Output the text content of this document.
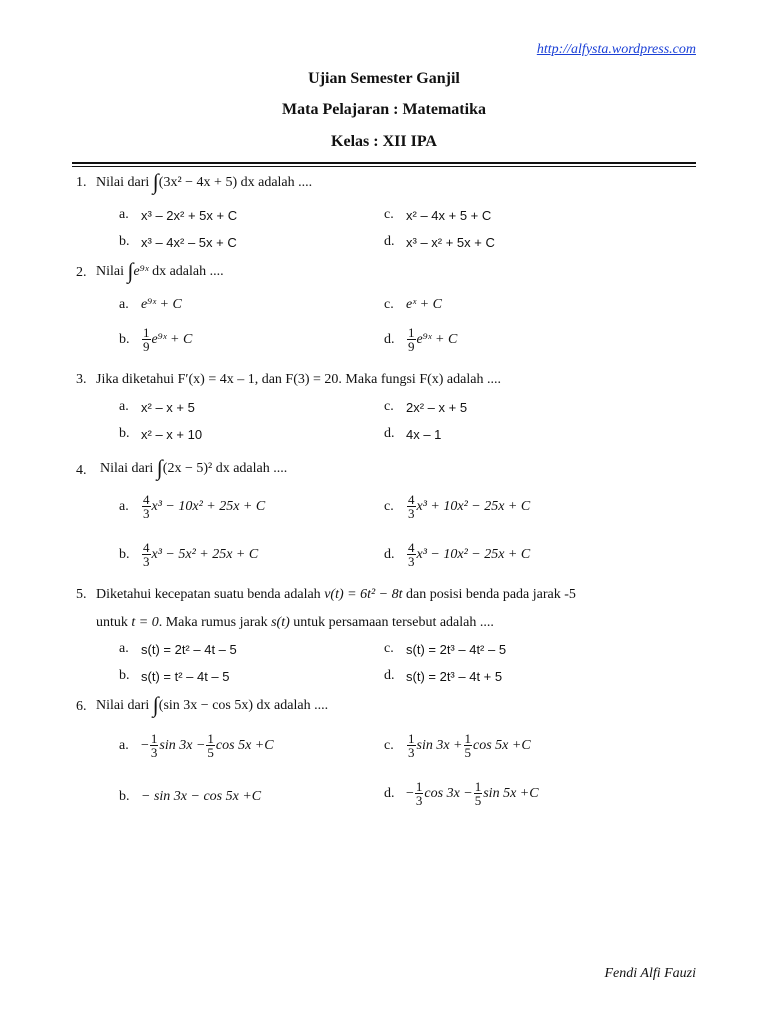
http://alfysta.wordpress.com
Ujian Semester Ganjil
Mata Pelajaran : Matematika
Kelas : XII IPA
1. Nilai dari ∫(3x² − 4x + 5) dx adalah ....
a. x³ – 2x² + 5x + C	c. x² – 4x + 5 + C
b. x³ – 4x² – 5x + C	d. x³ – x² + 5x + C
2. Nilai ∫e⁹ˣ dx adalah ....
a. e⁹ˣ + C	c. eˣ + C
b. $\frac{1}{9}$ e⁹ˣ + C	d. $\frac{1}{9}$ e⁹ˣ + C
3. Jika diketahui F′(x) = 4x – 1, dan F(3) = 20. Maka fungsi F(x) adalah ....
a. x² – x + 5	c. 2x² – x + 5
b. x² – x + 10	d. 4x – 1
4. Nilai dari ∫(2x − 5)² dx adalah ....
a.	$\frac{4}{3} x^3 - 10x^2 + 25x + C$	c.	$\frac{4}{3} x^3 + 10x^2 - 25x + C$
b. $\frac{4}{3} x^3 - 5x^2 + 25x + C$	d. $\frac{4}{3} x^3 - 10x^2 - 25x + C$
5. Diketahui kecepatan suatu benda adalah v(t) = 6t² − 8t dan posisi benda pada jarak -5
untuk t = 0. Maka rumus jarak s(t) untuk persamaan tersebut adalah ....
a. s(t) = 2t² – 4t – 5	c. s(t) = 2t³ – 4t² – 5
b. s(t) = t² – 4t – 5	d. s(t) = 2t³ – 4t + 5
6. Nilai dari ∫(sin 3x − cos 5x) dx adalah ....
a. − $\frac{1}{3}$ $\sin 3x - \frac{1}{5}$ cos 5x +C	c.	$\frac{1}{3}$ $\sin 3x + \frac{1}{5}$ cos 5x +C
b. − sin 3x − cos 5x +C	d. − $\frac{1}{3}$ $\cos 3x - \frac{1}{5}$ sin 5x +C
Fendi Alfi Fauzi
